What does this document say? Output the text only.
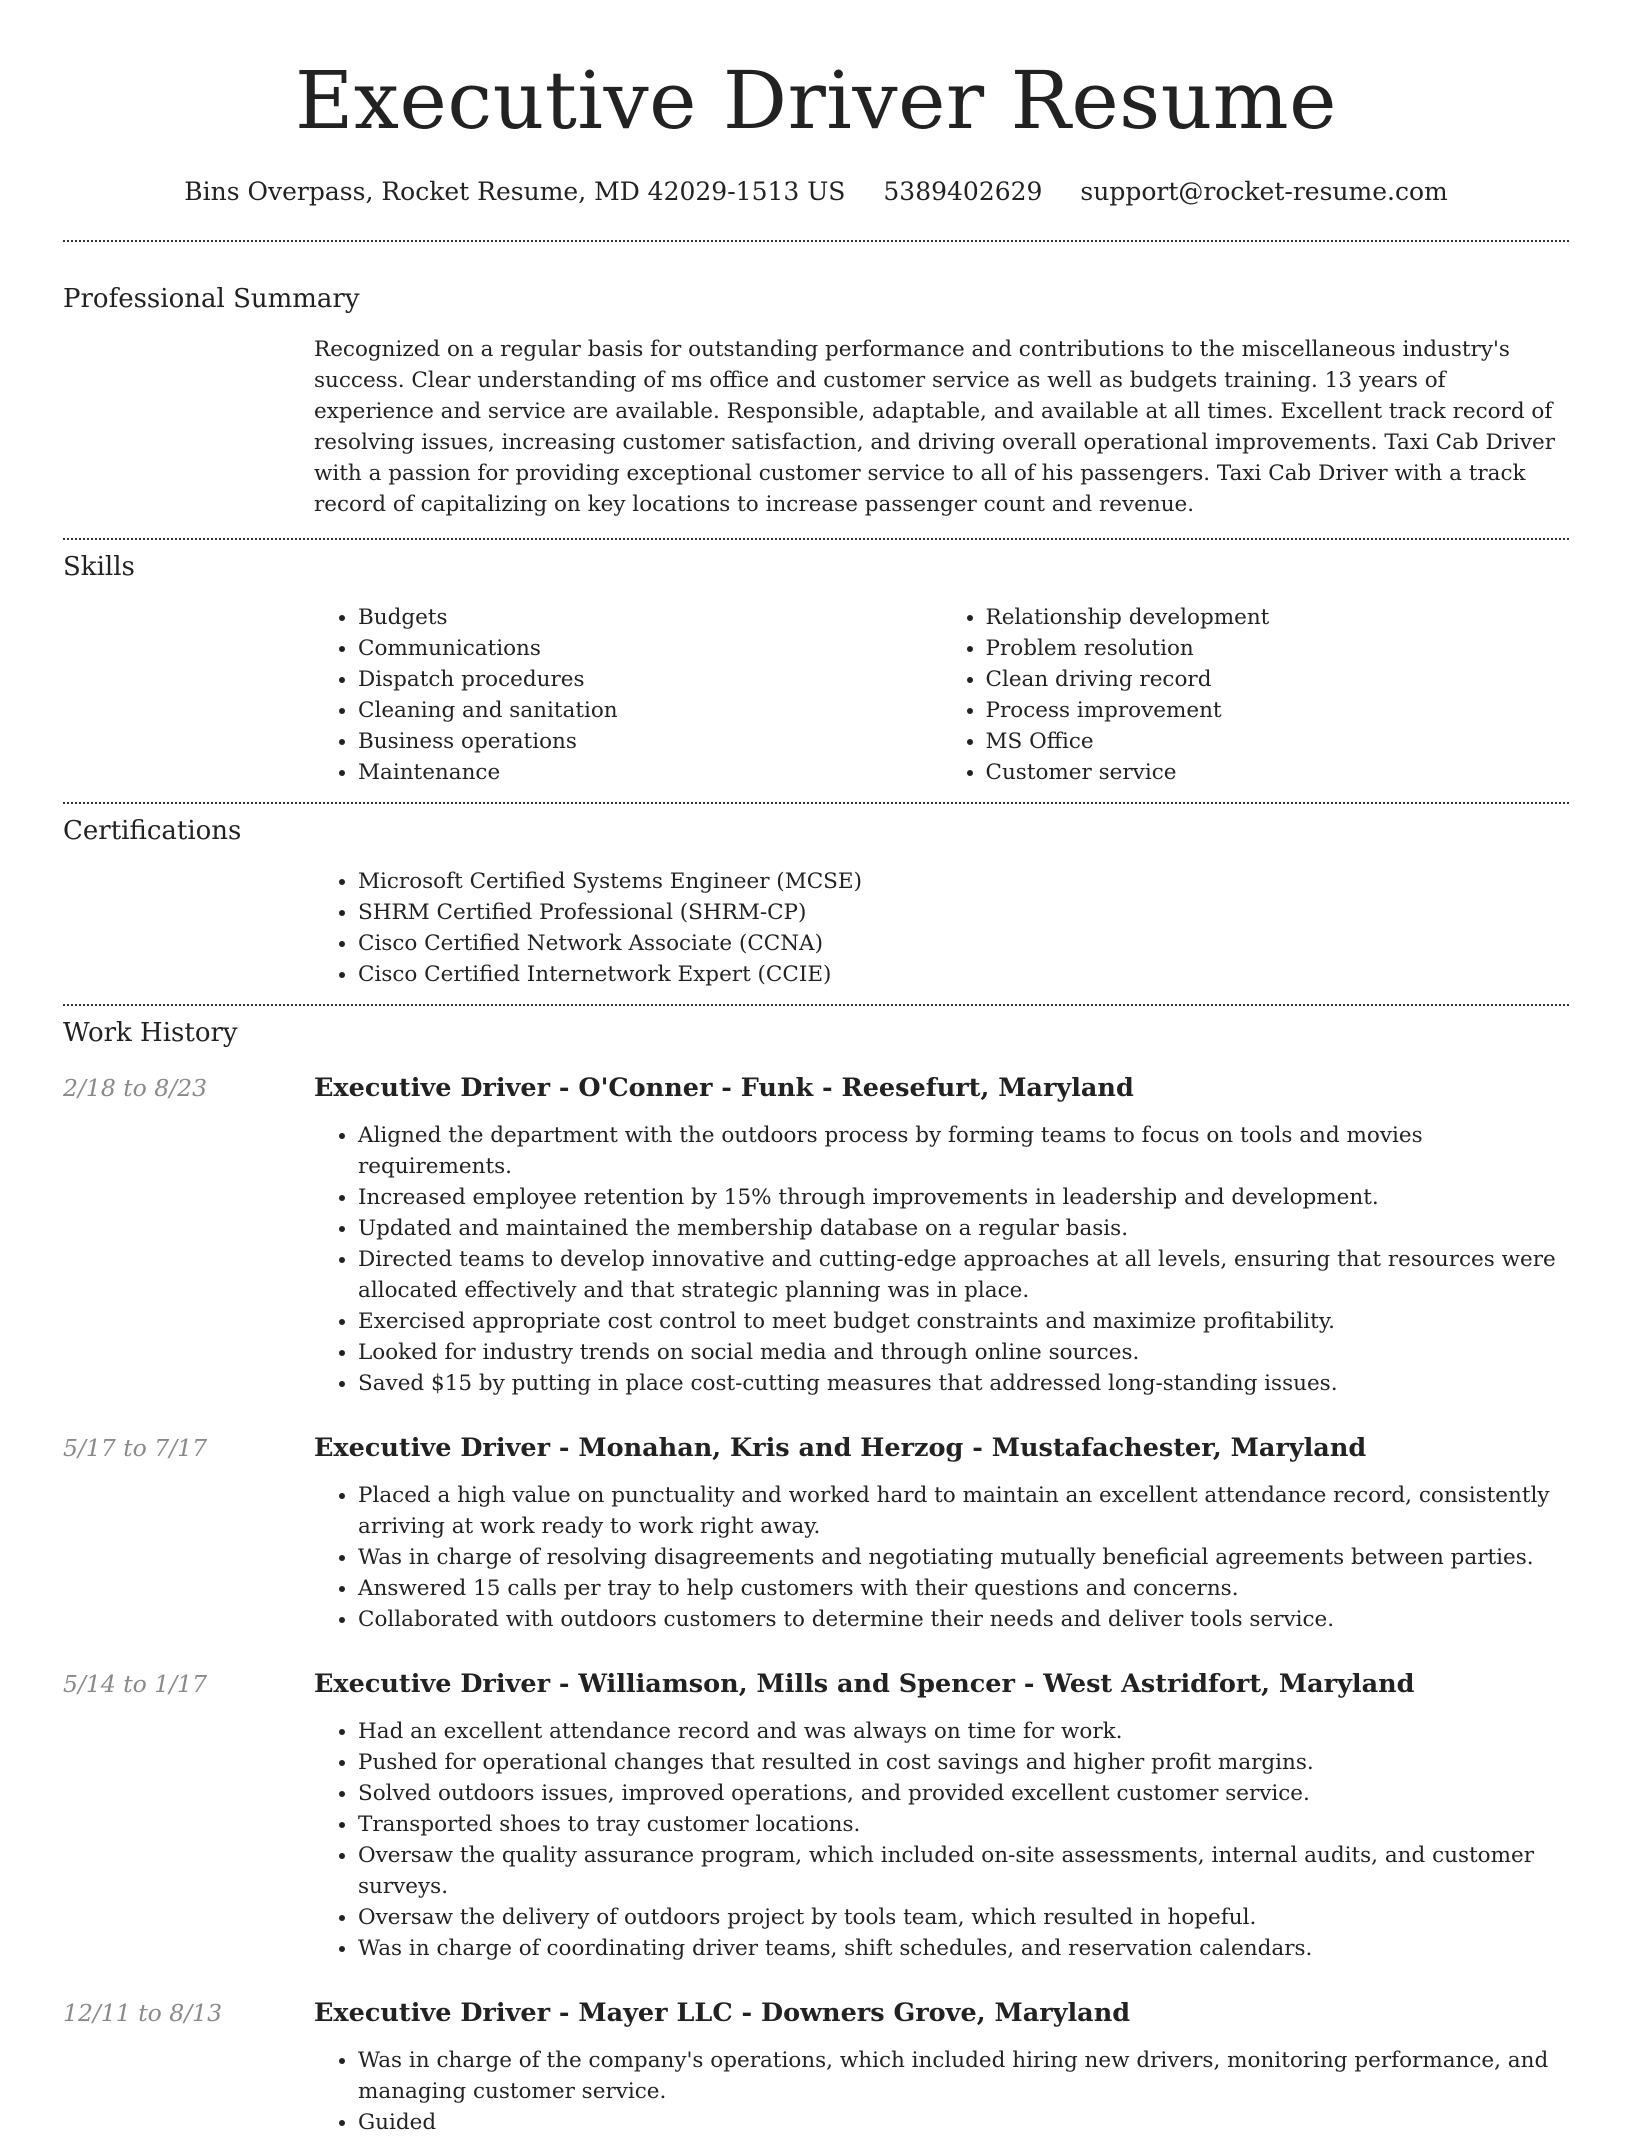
Executive Driver Resume
Bins Overpass, Rocket Resume, MD 42029-1513 US 5389402629 support@rocket-resume.com
Professional Summary

Recognized on a regular basis for outstanding performance and contributions to the miscellaneous industry's success. Clear understanding of ms office and customer service as well as budgets training. 13 years of experience and service are available. Responsible, adaptable, and available at all times. Excellent track record of resolving issues, increasing customer satisfaction, and driving overall operational improvements. Taxi Cab Driver with a passion for providing exceptional customer service to all of his passengers. Taxi Cab Driver with a track record of capitalizing on key locations to increase passenger count and revenue.

Skills
• Budgets
• Communications
• Dispatch procedures
• Cleaning and sanitation
• Business operations
• Maintenance
• Relationship development
• Problem resolution
• Clean driving record
• Process improvement
• MS Office
• Customer service
Certifications
• Microsoft Certified Systems Engineer (MCSE)
• SHRM Certified Professional (SHRM-CP)
• Cisco Certified Network Associate (CCNA)
• Cisco Certified Internetwork Expert (CCIE)
Work History
2/18 to 8/23	Executive Driver - O'Conner - Funk - Reesefurt, Maryland
• Aligned the department with the outdoors process by forming teams to focus on tools and movies requirements.
• Increased employee retention by 15% through improvements in leadership and development.
• Updated and maintained the membership database on a regular basis.
• Directed teams to develop innovative and cutting-edge approaches at all levels, ensuring that resources were allocated effectively and that strategic planning was in place.
• Exercised appropriate cost control to meet budget constraints and maximize profitability.
• Looked for industry trends on social media and through online sources.
• Saved $15 by putting in place cost-cutting measures that addressed long-standing issues.
5/17 to 7/17	Executive Driver - Monahan, Kris and Herzog - Mustafachester, Maryland
• Placed a high value on punctuality and worked hard to maintain an excellent attendance record, consistently arriving at work ready to work right away.
• Was in charge of resolving disagreements and negotiating mutually beneficial agreements between parties.
• Answered 15 calls per tray to help customers with their questions and concerns.
• Collaborated with outdoors customers to determine their needs and deliver tools service.
5/14 to 1/17	Executive Driver - Williamson, Mills and Spencer - West Astridfort, Maryland
• Had an excellent attendance record and was always on time for work.
• Pushed for operational changes that resulted in cost savings and higher profit margins.
• Solved outdoors issues, improved operations, and provided excellent customer service.
• Transported shoes to tray customer locations.
• Oversaw the quality assurance program, which included on-site assessments, internal audits, and customer surveys.
• Oversaw the delivery of outdoors project by tools team, which resulted in hopeful.
• Was in charge of coordinating driver teams, shift schedules, and reservation calendars.
12/11 to 8/13	Executive Driver - Mayer LLC - Downers Grove, Maryland
• Was in charge of the company's operations, which included hiring new drivers, monitoring performance, and managing customer service.
• Guided
